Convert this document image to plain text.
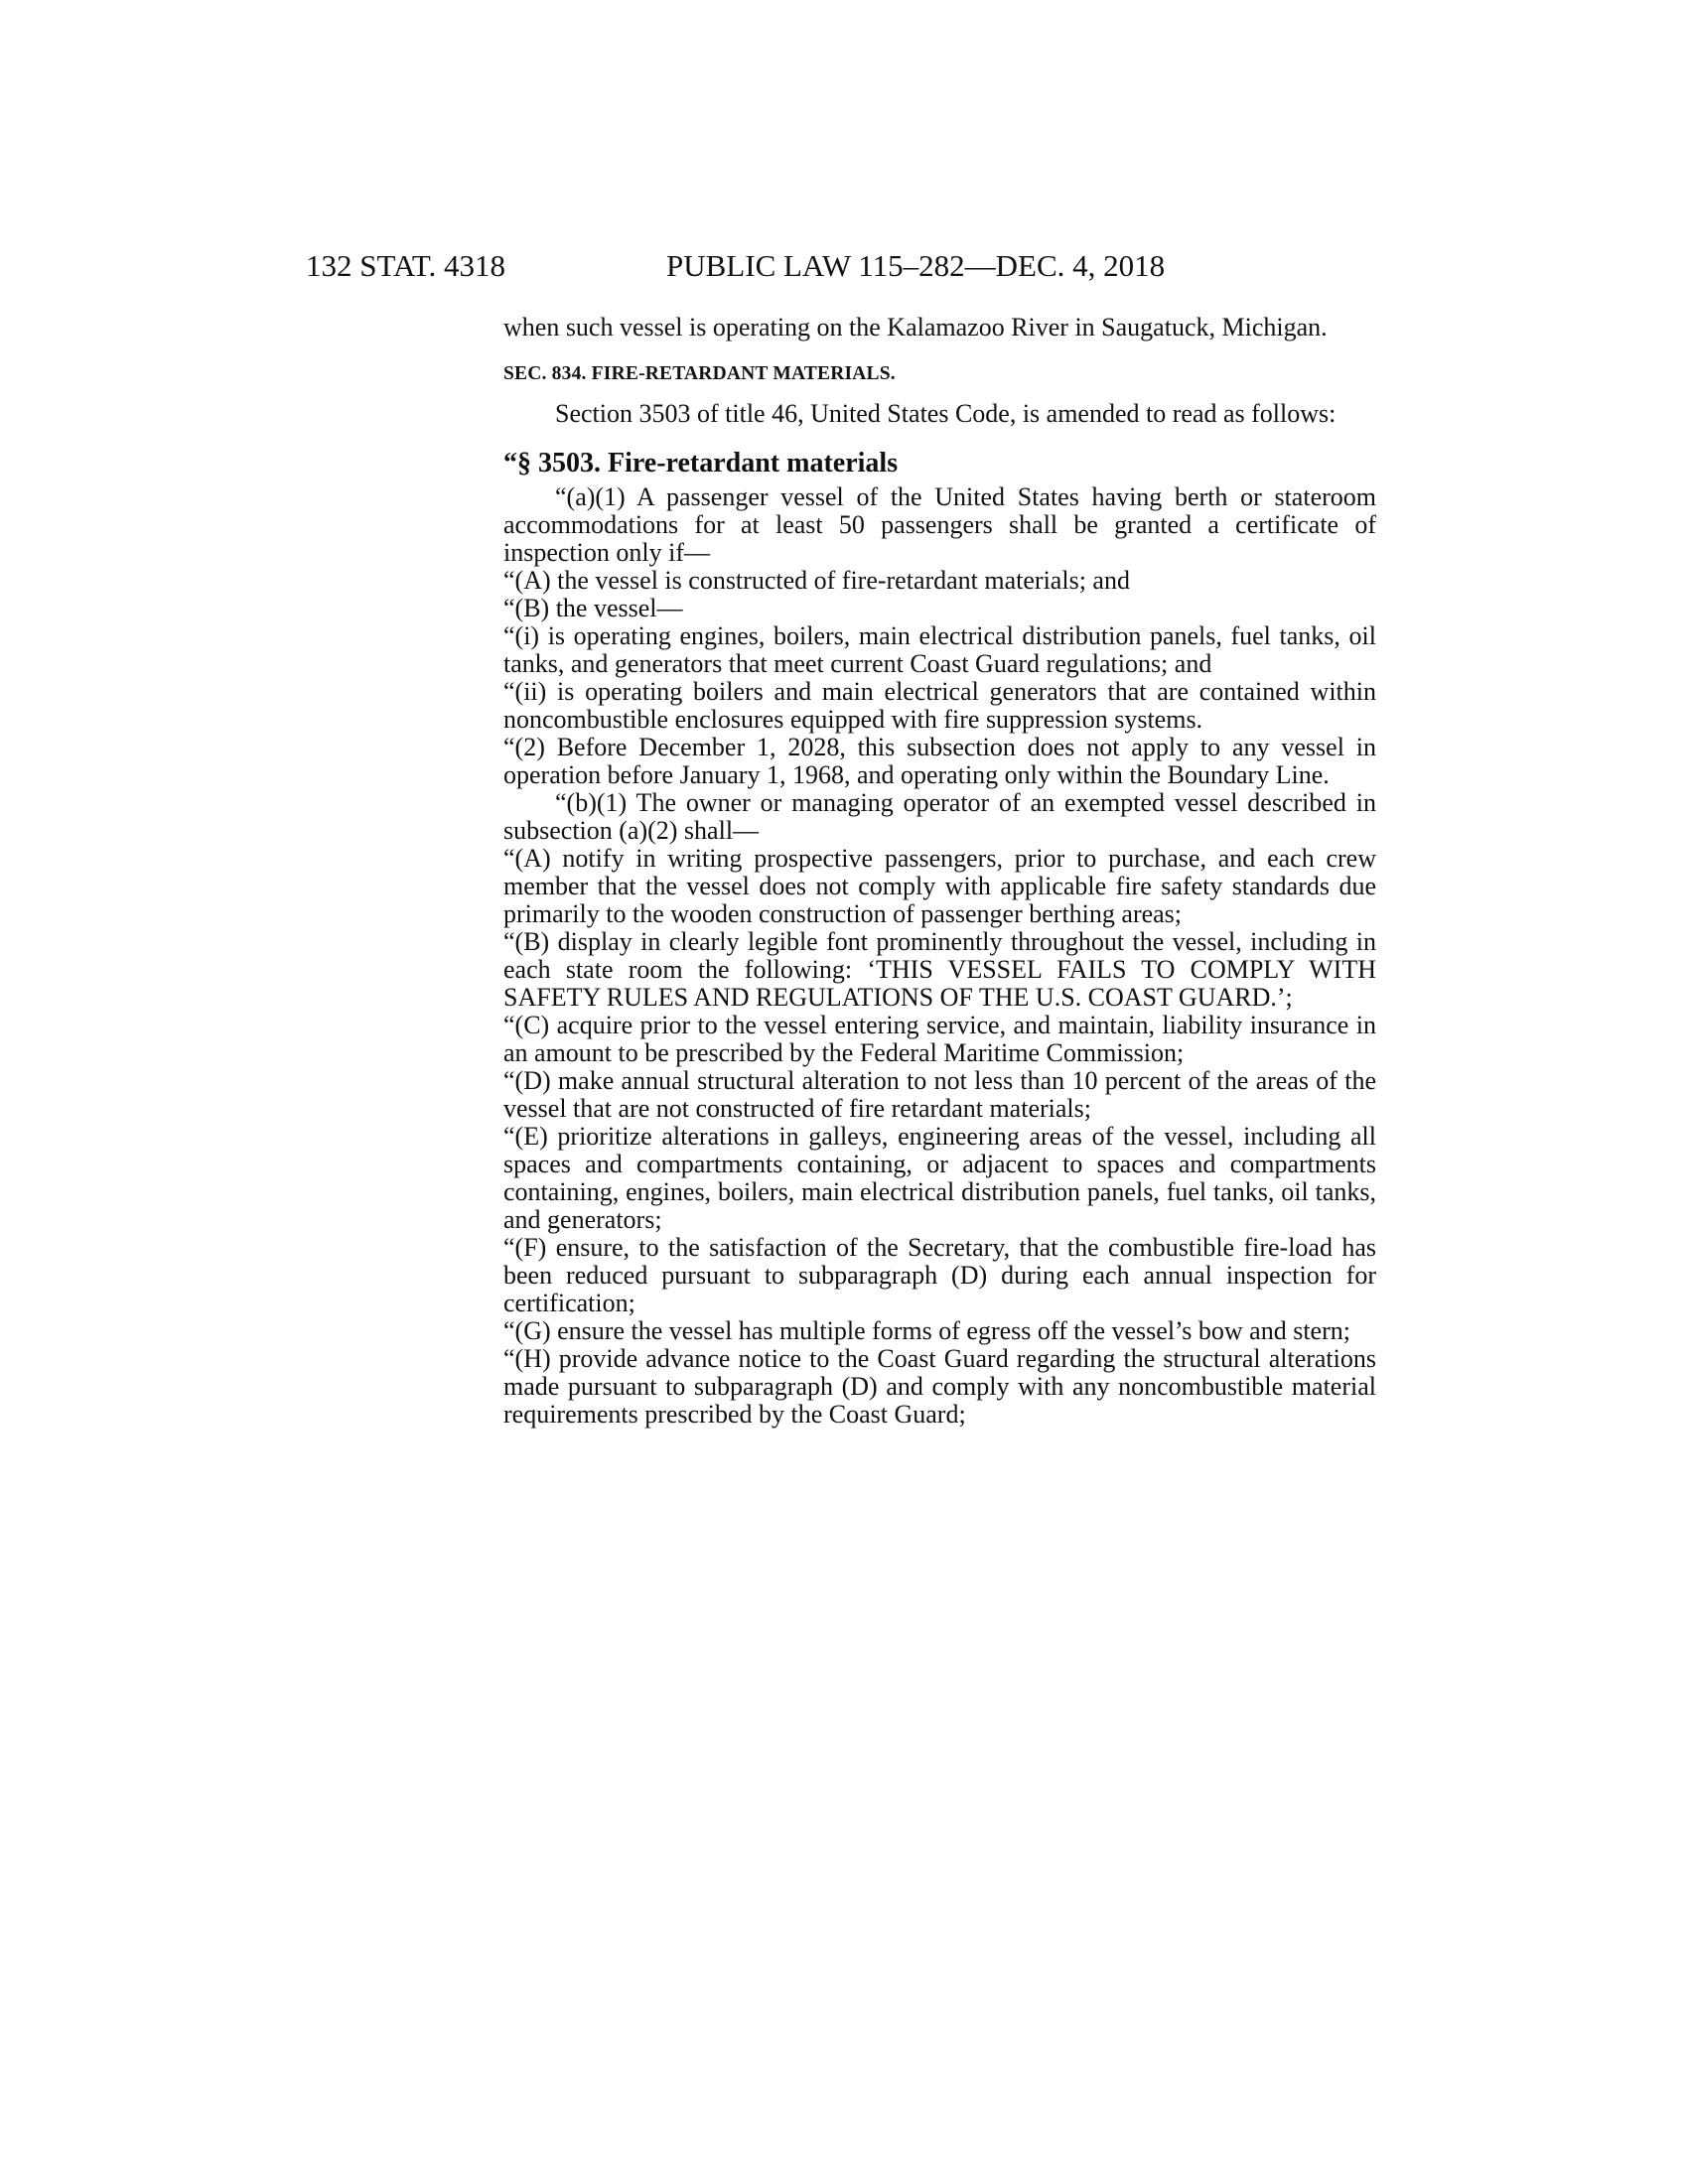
132 STAT. 4318	PUBLIC LAW 115–282—DEC. 4, 2018

when such vessel is operating on the Kalamazoo River in Saugatuck, Michigan.

SEC. 834. FIRE-RETARDANT MATERIALS.

Section 3503 of title 46, United States Code, is amended to read as follows:

“§ 3503. Fire-retardant materials

“(a)(1) A passenger vessel of the United States having berth or stateroom accommodations for at least 50 passengers shall be granted a certificate of inspection only if—

“(A) the vessel is constructed of fire-retardant materials; and

“(B) the vessel—

“(i) is operating engines, boilers, main electrical distribution panels, fuel tanks, oil tanks, and generators that meet current Coast Guard regulations; and

“(ii) is operating boilers and main electrical generators that are contained within noncombustible enclosures equipped with fire suppression systems.

“(2) Before December 1, 2028, this subsection does not apply to any vessel in operation before January 1, 1968, and operating only within the Boundary Line.

“(b)(1) The owner or managing operator of an exempted vessel described in subsection (a)(2) shall—

“(A) notify in writing prospective passengers, prior to purchase, and each crew member that the vessel does not comply with applicable fire safety standards due primarily to the wooden construction of passenger berthing areas;

“(B) display in clearly legible font prominently throughout the vessel, including in each state room the following: ‘THIS VESSEL FAILS TO COMPLY WITH SAFETY RULES AND REGULATIONS OF THE U.S. COAST GUARD.’;

“(C) acquire prior to the vessel entering service, and maintain, liability insurance in an amount to be prescribed by the Federal Maritime Commission;

“(D) make annual structural alteration to not less than 10 percent of the areas of the vessel that are not constructed of fire retardant materials;

“(E) prioritize alterations in galleys, engineering areas of the vessel, including all spaces and compartments containing, or adjacent to spaces and compartments containing, engines, boilers, main electrical distribution panels, fuel tanks, oil tanks, and generators;

“(F) ensure, to the satisfaction of the Secretary, that the combustible fire-load has been reduced pursuant to subparagraph (D) during each annual inspection for certification;

“(G) ensure the vessel has multiple forms of egress off the vessel’s bow and stern;

“(H) provide advance notice to the Coast Guard regarding the structural alterations made pursuant to subparagraph (D) and comply with any noncombustible material requirements prescribed by the Coast Guard;
